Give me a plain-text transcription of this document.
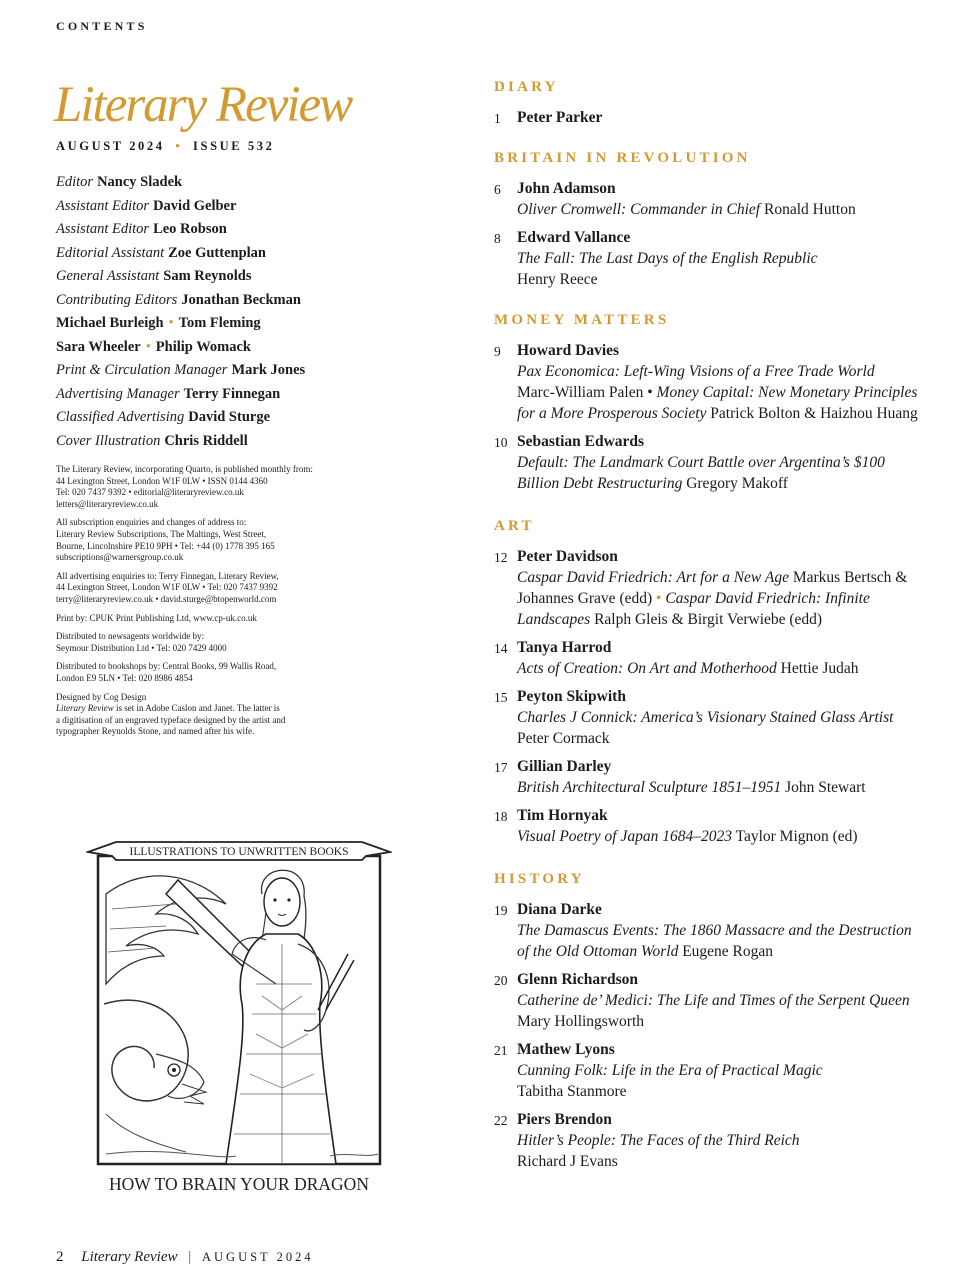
CONTENTS
Literary Review
AUGUST 2024 • ISSUE 532
Editor Nancy Sladek
Assistant Editor David Gelber
Assistant Editor Leo Robson
Editorial Assistant Zoe Guttenplan
General Assistant Sam Reynolds
Contributing Editors Jonathan Beckman
Michael Burleigh • Tom Fleming
Sara Wheeler • Philip Womack
Print & Circulation Manager Mark Jones
Advertising Manager Terry Finnegan
Classified Advertising David Sturge
Cover Illustration Chris Riddell

The Literary Review, incorporating Quarto, is published monthly from:
44 Lexington Street, London W1F 0LW • ISSN 0144 4360
Tel: 020 7437 9392 • editorial@literaryreview.co.uk
letters@literaryreview.co.uk

All subscription enquiries and changes of address to:
Literary Review Subscriptions, The Maltings, West Street,
Bourne, Lincolnshire PE10 9PH • Tel: +44 (0) 1778 395 165
subscriptions@warnersgroup.co.uk

All advertising enquiries to: Terry Finnegan, Literary Review,
44 Lexington Street, London W1F 0LW • Tel: 020 7437 9392
terry@literaryreview.co.uk • david.sturge@btopenworld.com

Print by: CPUK Print Publishing Ltd, www.cp-uk.co.uk

Distributed to newsagents worldwide by:
Seymour Distribution Ltd • Tel: 020 7429 4000

Distributed to bookshops by: Central Books, 99 Wallis Road,
London E9 5LN • Tel: 020 8986 4854

Designed by Cog Design
Literary Review is set in Adobe Caslon and Janet. The latter is
a digitisation of an engraved typeface designed by the artist and
typographer Reynolds Stone, and named after his wife.

ILLUSTRATIONS TO UNWRITTEN BOOKS
HOW TO BRAIN YOUR DRAGON
DIARY
1 Peter Parker
BRITAIN IN REVOLUTION
6 John Adamson
Oliver Cromwell: Commander in Chief Ronald Hutton
8 Edward Vallance
The Fall: The Last Days of the English Republic
Henry Reece
MONEY MATTERS
9 Howard Davies
Pax Economica: Left-Wing Visions of a Free Trade World
Marc-William Palen • Money Capital: New Monetary Principles for a More Prosperous Society Patrick Bolton & Haizhou Huang
10 Sebastian Edwards
Default: The Landmark Court Battle over Argentina’s $100 Billion Debt Restructuring Gregory Makoff
ART
12 Peter Davidson
Caspar David Friedrich: Art for a New Age Markus Bertsch & Johannes Grave (edd) • Caspar David Friedrich: Infinite Landscapes Ralph Gleis & Birgit Verwiebe (edd)
14 Tanya Harrod
Acts of Creation: On Art and Motherhood Hettie Judah
15 Peyton Skipwith
Charles J Connick: America’s Visionary Stained Glass Artist
Peter Cormack
17 Gillian Darley
British Architectural Sculpture 1851–1951 John Stewart
18 Tim Hornyak
Visual Poetry of Japan 1684–2023 Taylor Mignon (ed)
HISTORY
19 Diana Darke
The Damascus Events: The 1860 Massacre and the Destruction of the Old Ottoman World Eugene Rogan
20 Glenn Richardson
Catherine de’ Medici: The Life and Times of the Serpent Queen Mary Hollingsworth
21 Mathew Lyons
Cunning Folk: Life in the Era of Practical Magic
Tabitha Stanmore
22 Piers Brendon
Hitler’s People: The Faces of the Third Reich
Richard J Evans
2 Literary Review | AUGUST 2024
